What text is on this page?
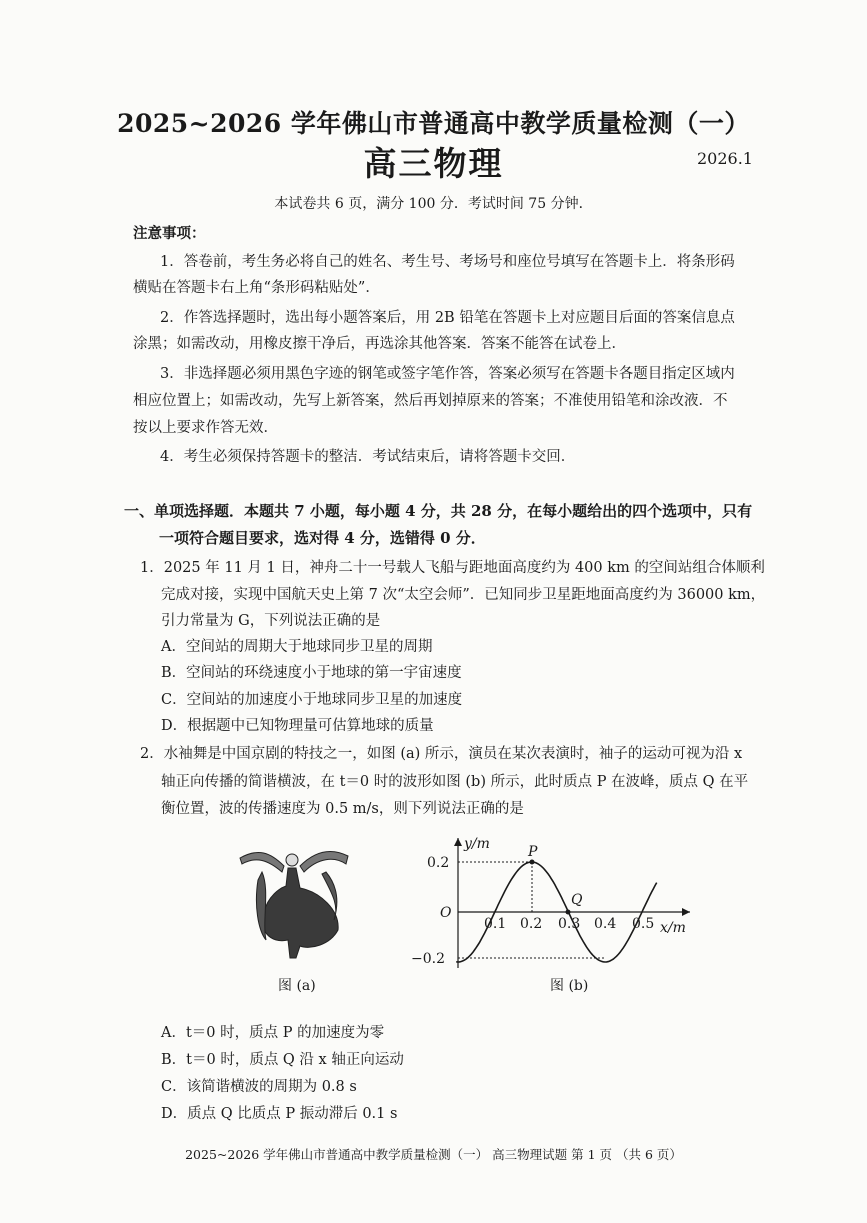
2025~2026 学年佛山市普通高中教学质量检测（一）
高三物理	2026.1
本试卷共 6 页，满分 100 分．考试时间 75 分钟．
注意事项：
1．答卷前，考生务必将自己的姓名、考生号、考场号和座位号填写在答题卡上．将条形码
横贴在答题卡右上角“条形码粘贴处”．
2．作答选择题时，选出每小题答案后，用 2B 铅笔在答题卡上对应题目后面的答案信息点
涂黑；如需改动，用橡皮擦干净后，再选涂其他答案．答案不能答在试卷上．
3．非选择题必须用黑色字迹的钢笔或签字笔作答，答案必须写在答题卡各题目指定区域内
相应位置上；如需改动，先写上新答案，然后再划掉原来的答案；不准使用铅笔和涂改液．不
按以上要求作答无效．
4．考生必须保持答题卡的整洁．考试结束后，请将答题卡交回．
一、单项选择题．本题共 7 小题，每小题 4 分，共 28 分，在每小题给出的四个选项中，只有
一项符合题目要求，选对得 4 分，选错得 0 分．
1．2025 年 11 月 1 日，神舟二十一号载人飞船与距地面高度约为 400 km 的空间站组合体顺利
完成对接，实现中国航天史上第 7 次“太空会师”．已知同步卫星距地面高度约为 36000 km，
引力常量为 G，下列说法正确的是
A．空间站的周期大于地球同步卫星的周期
B．空间站的环绕速度小于地球的第一宇宙速度
C．空间站的加速度小于地球同步卫星的加速度
D．根据题中已知物理量可估算地球的质量
2．水袖舞是中国京剧的特技之一，如图 (a) 所示，演员在某次表演时，袖子的运动可视为沿 x
轴正向传播的简谐横波，在 t＝0 时的波形如图 (b) 所示，此时质点 P 在波峰，质点 Q 在平
衡位置，波的传播速度为 0.5 m/s，则下列说法正确的是
图 (a)
y/m
x/m
O
P
Q
0.2
−0.2
0.1 0.2 0.3 0.4 0.5
图 (b)
A．t＝0 时，质点 P 的加速度为零
B．t＝0 时，质点 Q 沿 x 轴正向运动
C．该简谐横波的周期为 0.8 s
D．质点 Q 比质点 P 振动滞后 0.1 s
2025~2026 学年佛山市普通高中教学质量检测（一） 高三物理试题 第 1 页 （共 6 页）
